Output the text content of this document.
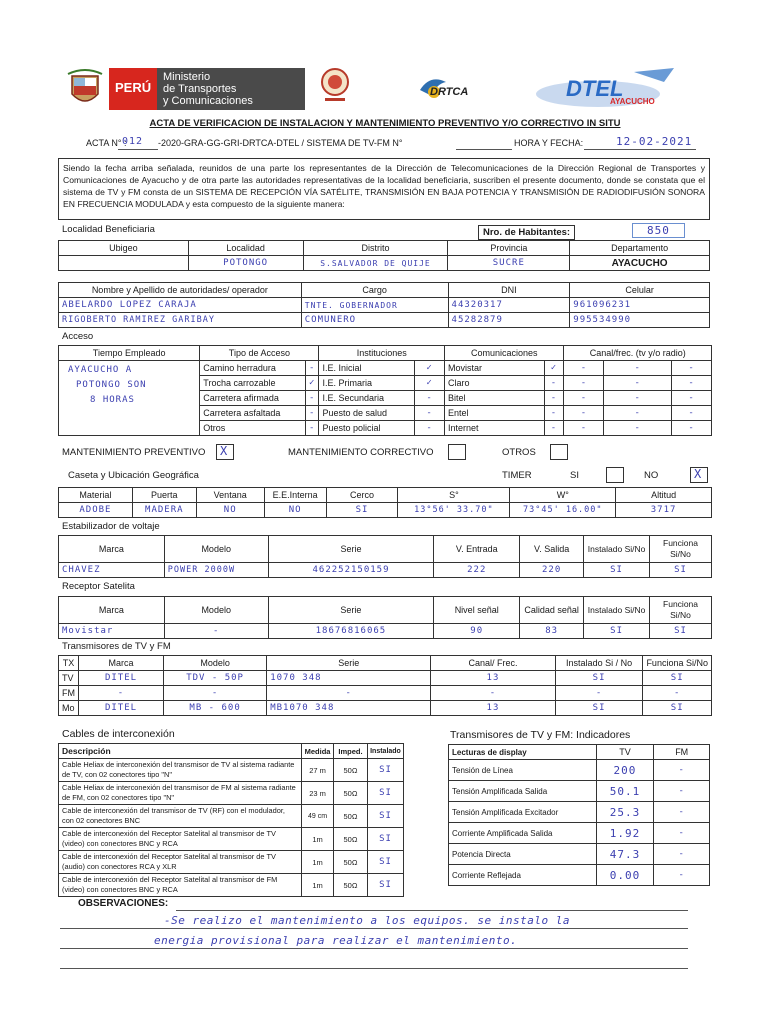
PERÚ
Ministerio
de Transportes
y Comunicaciones
DRTCA	DTEL
AYACUCHO
ACTA DE VERIFICACION DE INSTALACION Y MANTENIMIENTO PREVENTIVO Y/O CORRECTIVO IN SITU
ACTA N° :
012 -2020-GRA-GG-GRI-DRTCA-DTEL / SISTEMA DE TV-FM N°	HORA Y FECHA:	12-02-2021
Siendo la fecha arriba señalada, reunidos de una parte los representantes de la Dirección de Telecomunicaciones de la Dirección Regional de Transportes y Comunicaciones de Ayacucho y de otra parte las autoridades representativas de la localidad beneficiaria, suscriben el presente documento, donde se constata que el sistema de TV y FM consta de un SISTEMA DE RECEPCIÓN VÍA SATÉLITE, TRANSMISIÓN EN BAJA POTENCIA Y TRANSMISIÓN DE RADIODIFUSIÓN SONORA EN FRECUENCIA MODULADA y esta compuesto de la siguiente manera:
Localidad Beneficiaria	Nro. de Habitantes:	850
Ubigeo	Localidad	Distrito	Provincia	Departamento
	POTONGO	S.SALVADOR DE QUIJE	SUCRE	AYACUCHO
Nombre y Apellido de autoridades/ operador	Cargo	DNI	Celular
ABELARDO LOPEZ CARAJA	TNTE. GOBERNADOR	44320317	961096231
RIGOBERTO RAMIREZ GARIBAY	COMUNERO	45282879	995534990
Acceso
Tiempo Empleado	Tipo de Acceso		Instituciones		Comunicaciones		Canal/frec. (tv y/o radio)		

AYACUCHO A
POTONGO SON
8 HORAS	Camino herradura	-	I.E. Inicial	✓	Movistar	✓	-	-	-
	Trocha carrozable	✓	I.E. Primaria	✓	Claro	-	-	-	-
	Carretera afirmada	-	I.E. Secundaria	-	Bitel	-	-	-	-
	Carretera asfaltada	-	Puesto de salud	-	Entel	-	-	-	-
	Otros	-	Puesto policial	-	Internet	-	-	-	-
MANTENIMIENTO PREVENTIVO X	MANTENIMIENTO CORRECTIVO	OTROS
Caseta y Ubicación Geográfica	TIMER	SI	NO	X
Material	Puerta	Ventana	E.E.Interna	Cerco	S°	W°	Altitud
ADOBE	MADERA	NO	NO	SI	13°56' 33.70"	73°45' 16.00"	3717
Estabilizador de voltaje
Marca	Modelo	Serie	V. Entrada	V. Salida	Instalado Si/No	Funciona Si/No
CHAVEZ	POWER 2000W	462252150159	222	220	SI	SI
Receptor Satelita
Marca	Modelo	Serie	Nivel señal	Calidad señal	Instalado Si/No	Funciona Si/No
Movistar	-	18676816065	90	83	SI	SI
Transmisores de TV y FM
TX	Marca	Modelo	Serie	Canal/ Frec.	Instalado Si / No	Funciona Si/No
TV	DITEL	TDV - 50P	1070 348	13	SI	SI
FM	-	-	-	-	-	-
Mo	DITEL	MB - 600	MB1070 348	13	SI	SI
Cables de interconexión
Descripción	Medida	Imped.	Instalado
Cable Heliax de interconexión del transmisor de TV al sistema radiante de TV, con 02 conectores tipo "N"	27 m	50Ω	SI
Cable Heliax de interconexión del transmisor de FM al sistema radiante de FM, con 02 conectores tipo "N"	23 m	50Ω	SI
Cable de interconexión del transmisor de TV (RF) con el modulador, con 02 conectores BNC	49 cm	50Ω	SI
Cable de interconexión del Receptor Satelital al transmisor de TV (video) con conectores BNC y RCA	1m	50Ω	SI
Cable de interconexión del Receptor Satelital al transmisor de TV (audio) con conectores RCA y XLR	1m	50Ω	SI
Cable de interconexión del Receptor Satelital al transmisor de FM (video) con conectores BNC y RCA	1m	50Ω	SI
Transmisores de TV y FM: Indicadores
Lecturas de display	TV	FM
Tensión de Línea	200	-
Tensión Amplificada Salida	50.1	-
Tensión Amplificada Excitador	25.3	-
Corriente Amplificada Salida	1.92	-
Potencia Directa	47.3	-
Corriente Reflejada	0.00	-
OBSERVACIONES:
-Se realizo el mantenimiento a los equipos. se instalo la
energia provisional para realizar el mantenimiento.
